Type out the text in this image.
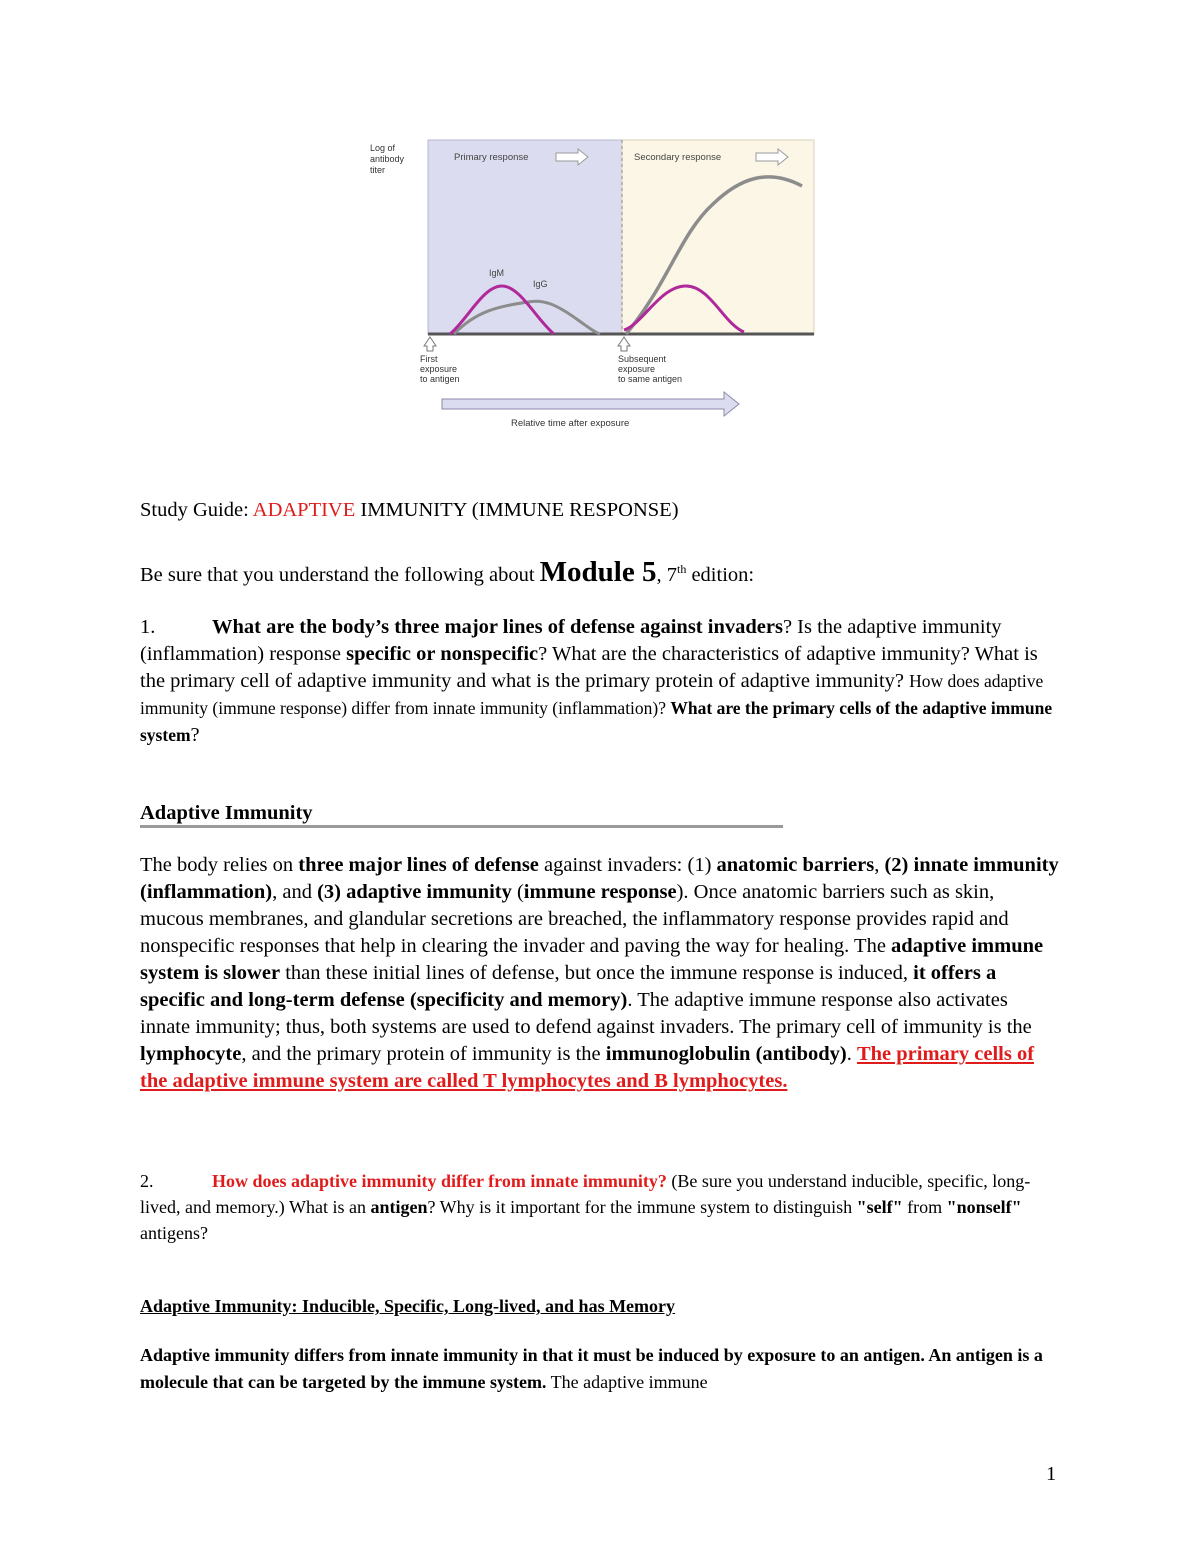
Log of
antibody
titer
Primary response	Secondary response
IgM
IgG
First
exposure
to antigen
Subsequent
exposure
to same antigen
Relative time after exposure
Study Guide: ADAPTIVE IMMUNITY (IMMUNE RESPONSE)
Be sure that you understand the following about Module 5, 7th edition:

1.	What are the body’s three major lines of defense against invaders? Is the adaptive immunity (inflammation) response specific or nonspecific? What are the characteristics of adaptive immunity? What is the primary cell of adaptive immunity and what is the primary protein of adaptive immunity? How does adaptive immunity (immune response) differ from innate immunity (inflammation)? What are the primary cells of the adaptive immune system?

Adaptive Immunity

The body relies on three major lines of defense against invaders: (1) anatomic barriers, (2) innate immunity (inflammation), and (3) adaptive immunity (immune response). Once anatomic barriers such as skin, mucous membranes, and glandular secretions are breached, the inflammatory response provides rapid and nonspecific responses that help in clearing the invader and paving the way for healing. The adaptive immune system is slower than these initial lines of defense, but once the immune response is induced, it offers a specific and long-term defense (specificity and memory). The adaptive immune response also activates innate immunity; thus, both systems are used to defend against invaders. The primary cell of immunity is the lymphocyte, and the primary protein of immunity is the immunoglobulin (antibody). The primary cells of the adaptive immune system are called T lymphocytes and B lymphocytes.

2.	How does adaptive immunity differ from innate immunity? (Be sure you understand inducible, specific, long-lived, and memory.) What is an antigen? Why is it important for the immune system to distinguish "self" from "nonself" antigens?

Adaptive Immunity: Inducible, Specific, Long-lived, and has Memory

Adaptive immunity differs from innate immunity in that it must be induced by exposure to an antigen. An antigen is a molecule that can be targeted by the immune system. The adaptive immune

1
